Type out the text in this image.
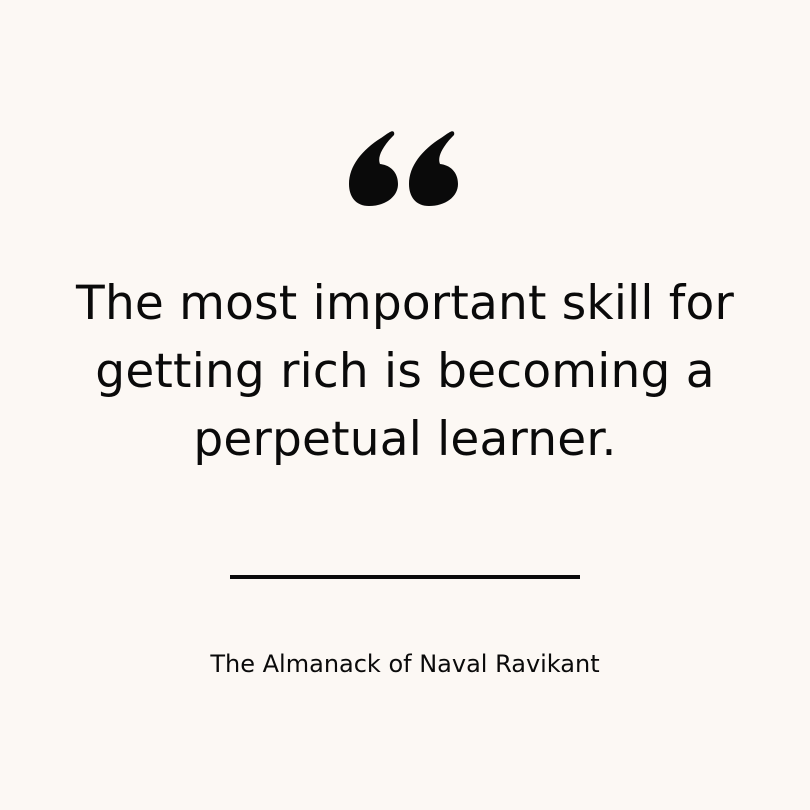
The most important skill for
getting rich is becoming a
perpetual learner.
The Almanack of Naval Ravikant
